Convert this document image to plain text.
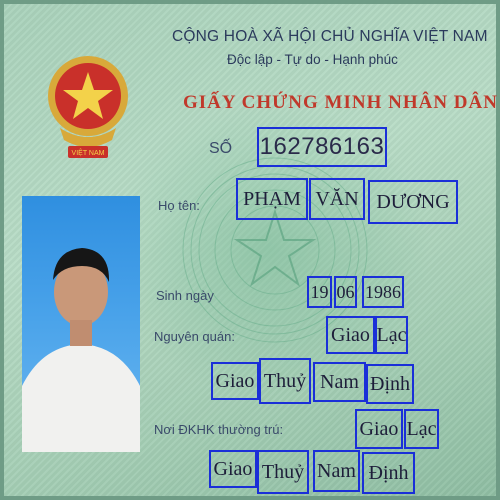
VIỆT NAM
CỘNG HOÀ XÃ HỘI CHỦ NGHĨA VIỆT NAM
Độc lập - Tự do - Hạnh phúc
GIẤY CHỨNG MINH NHÂN DÂN
SỐ 162786163
Họ tên:	PHẠM VĂN DƯƠNG
Sinh ngày	19 06 1986
Nguyên quán:	Giao Lạc
Giao Thuỷ Nam Định
Nơi ĐKHK thường trú:	Giao Lạc
Giao Thuỷ Nam Định
